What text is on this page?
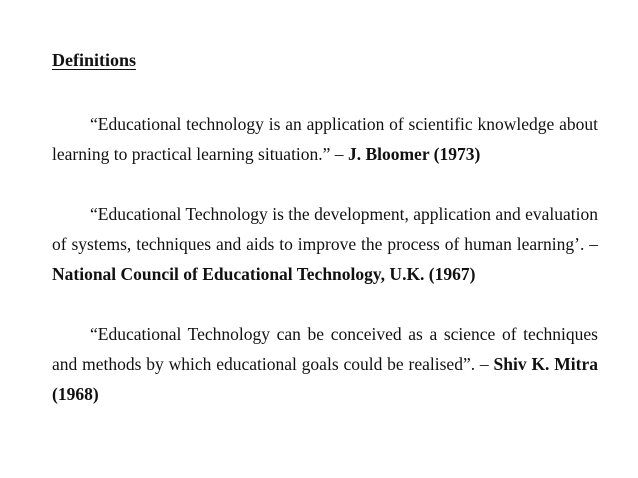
Definitions

“Educational technology is an application of scientific knowledge about learning to practical learning situation.” – J. Bloomer (1973)

“Educational Technology is the development, application and evaluation of systems, techniques and aids to improve the process of human learning’. – National Council of Educational Technology, U.K. (1967)

“Educational Technology can be conceived as a science of techniques and methods by which educational goals could be realised”. – Shiv K. Mitra (1968)
